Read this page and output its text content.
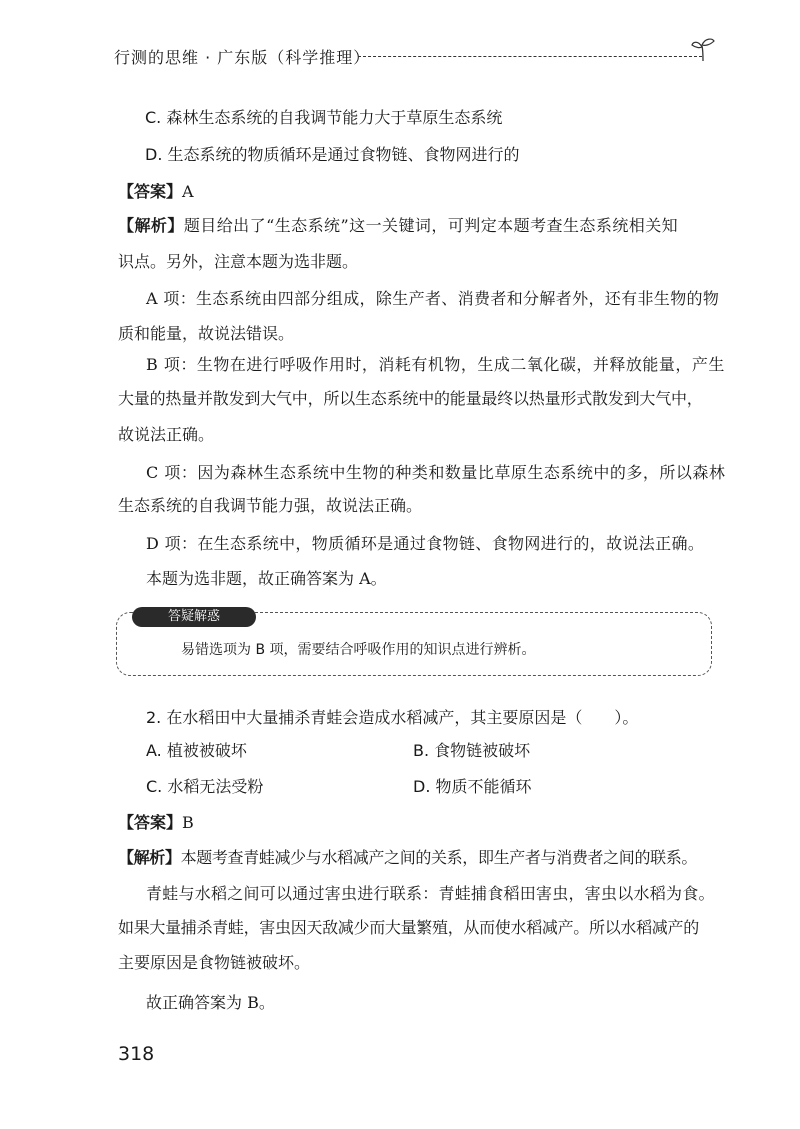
行测的思维 · 广东版（科学推理）
C. 森林生态系统的自我调节能力大于草原生态系统
D. 生态系统的物质循环是通过食物链、食物网进行的
【答案】A
【解析】题目给出了“生态系统”这一关键词，可判定本题考查生态系统相关知
识点。另外，注意本题为选非题。
A 项：生态系统由四部分组成，除生产者、消费者和分解者外，还有非生物的物
质和能量，故说法错误。
B 项：生物在进行呼吸作用时，消耗有机物，生成二氧化碳，并释放能量，产生
大量的热量并散发到大气中，所以生态系统中的能量最终以热量形式散发到大气中，
故说法正确。
C 项：因为森林生态系统中生物的种类和数量比草原生态系统中的多，所以森林
生态系统的自我调节能力强，故说法正确。
D 项：在生态系统中，物质循环是通过食物链、食物网进行的，故说法正确。
本题为选非题，故正确答案为 A。
答疑解惑
易错选项为 B 项，需要结合呼吸作用的知识点进行辨析。
2. 在水稻田中大量捕杀青蛙会造成水稻减产，其主要原因是（　　）。
A. 植被被破坏	B. 食物链被破坏
C. 水稻无法受粉	D. 物质不能循环
【答案】B
【解析】本题考查青蛙减少与水稻减产之间的关系，即生产者与消费者之间的联系。
青蛙与水稻之间可以通过害虫进行联系：青蛙捕食稻田害虫，害虫以水稻为食。
如果大量捕杀青蛙，害虫因天敌减少而大量繁殖，从而使水稻减产。所以水稻减产的
主要原因是食物链被破坏。
故正确答案为 B。
318
